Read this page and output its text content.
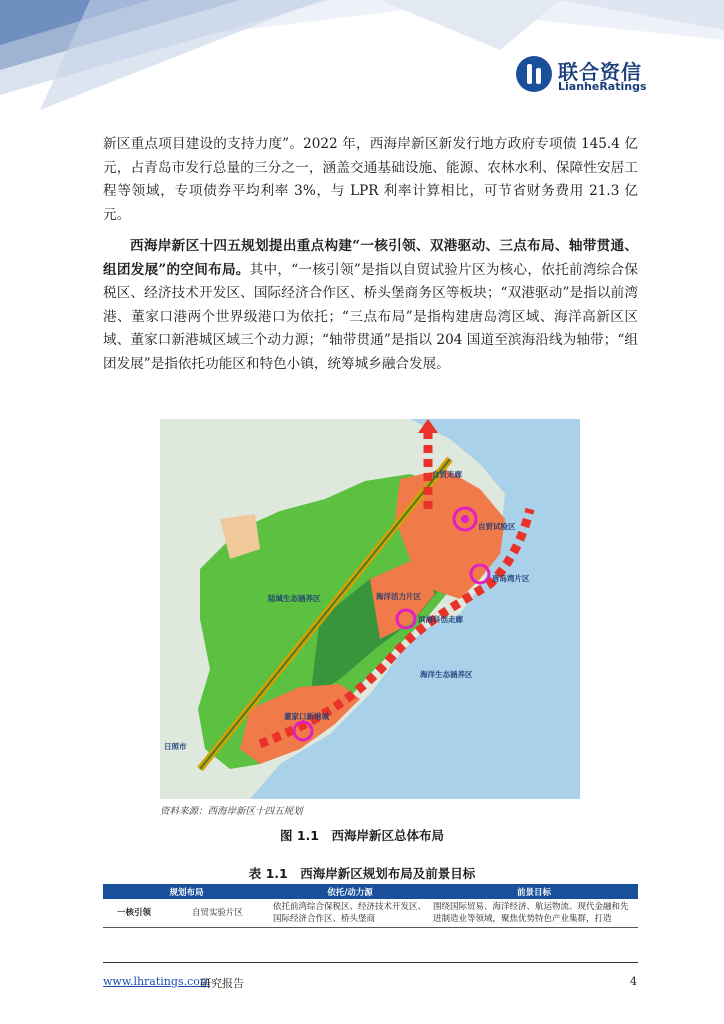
联合资信
LianheRatings

新区重点项目建设的支持力度”。2022 年，西海岸新区新发行地方政府专项债 145.4 亿元，占青岛市发行总量的三分之一，涵盖交通基础设施、能源、农林水利、保障性安居工程等领域，专项债券平均利率 3%，与 LPR 利率计算相比，可节省财务费用 21.3 亿元。

西海岸新区十四五规划提出重点构建“一核引领、双港驱动、三点布局、轴带贯通、组团发展”的空间布局。其中，“一核引领”是指以自贸试验片区为核心，依托前湾综合保税区、经济技术开发区、国际经济合作区、桥头堡商务区等板块；“双港驱动”是指以前湾港、董家口港两个世界级港口为依托；“三点布局”是指构建唐岛湾区域、海洋高新区区域、董家口新港城区域三个动力源；“轴带贯通”是指以 204 国道至滨海沿线为轴带；“组团发展”是指依托功能区和特色小镇，统筹城乡融合发展。

自贸走廊
自贸试验区
唐岛湾片区
海洋活力片区
陆域生态涵养区
滨海科创走廊
海洋生态涵养区
董家口新港城
日照市
资料来源：西海岸新区十四五规划
图 1.1　西海岸新区总体布局
表 1.1　西海岸新区规划布局及前景目标
规划布局		依托/动力源	前景目标
一核引领	自贸实验片区	依托前湾综合保税区、经济技术开发区、国际经济合作区、桥头堡商	围绕国际贸易、海洋经济、航运物流、现代金融和先进制造业等领域，聚焦优势特色产业集群，打造
www.lhratings.com
研究报告	4
